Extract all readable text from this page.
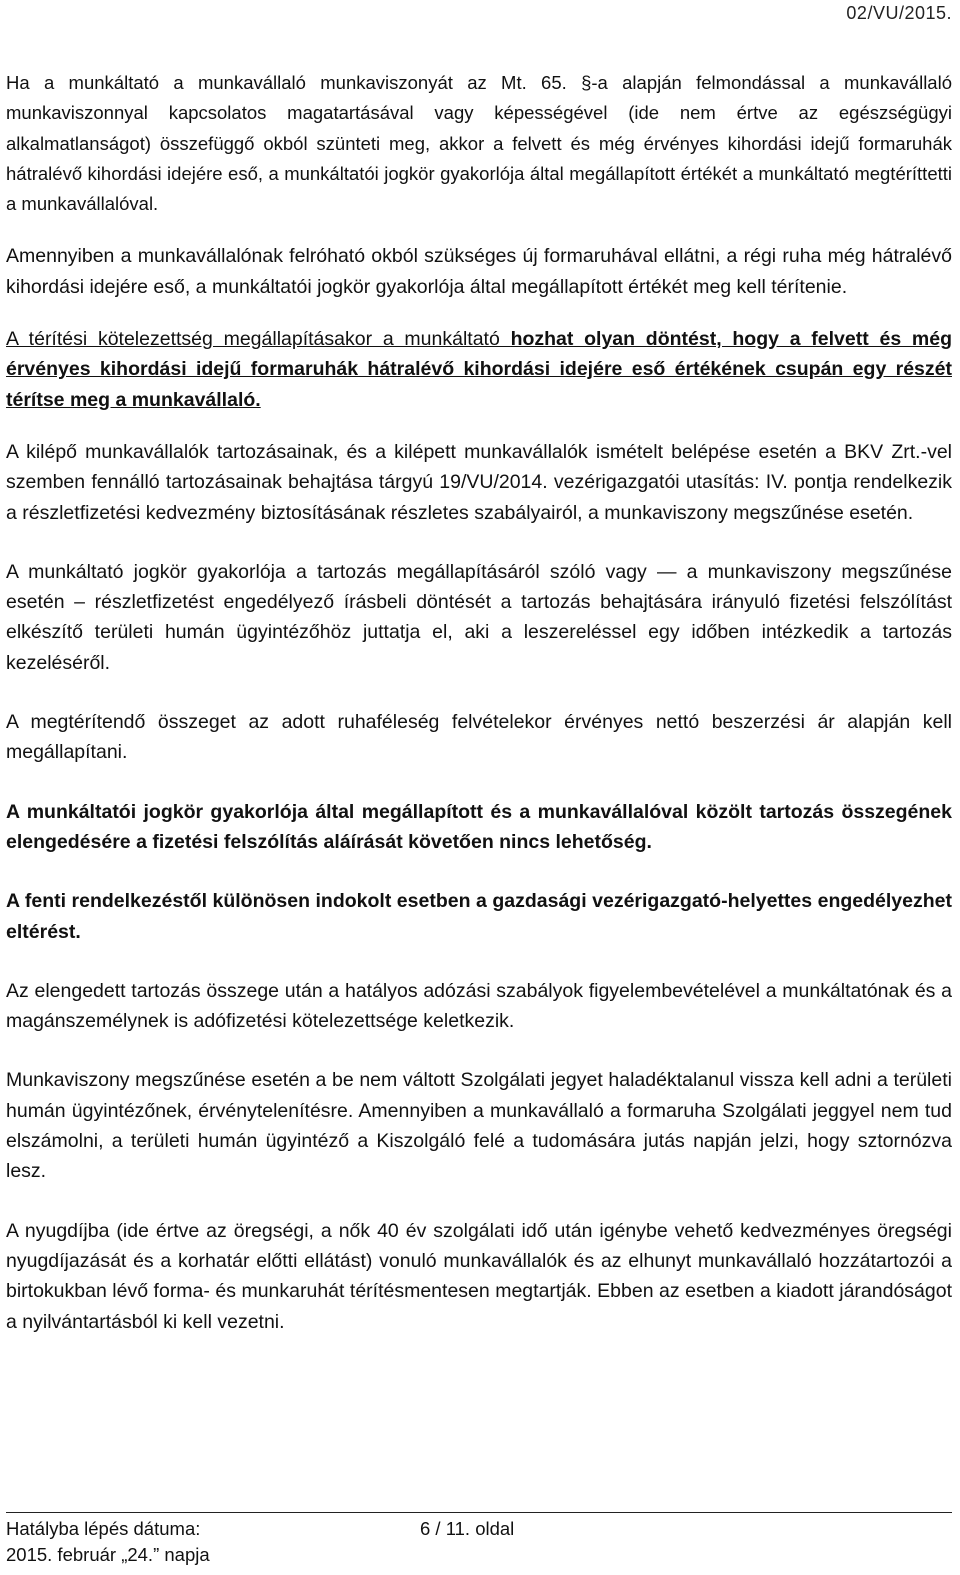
02/VU/2015.

Ha a munkáltató a munkavállaló munkaviszonyát az Mt. 65. §-a alapján felmondással a munkavállaló munkaviszonnyal kapcsolatos magatartásával vagy képességével (ide nem értve az egészségügyi alkalmatlanságot) összefüggő okból szünteti meg, akkor a felvett és még érvényes kihordási idejű formaruhák hátralévő kihordási idejére eső, a munkáltatói jogkör gyakorlója által megállapított értékét a munkáltató megtéríttetti a munkavállalóval.

Amennyiben a munkavállalónak felróható okból szükséges új formaruhával ellátni, a régi ruha még hátralévő kihordási idejére eső, a munkáltatói jogkör gyakorlója által megállapított értékét meg kell térítenie.

A térítési kötelezettség megállapításakor a munkáltató hozhat olyan döntést, hogy a felvett és még érvényes kihordási idejű formaruhák hátralévő kihordási idejére eső értékének csupán egy részét térítse meg a munkavállaló.

A kilépő munkavállalók tartozásainak, és a kilépett munkavállalók ismételt belépése esetén a BKV Zrt.-vel szemben fennálló tartozásainak behajtása tárgyú 19/VU/2014. vezérigazgatói utasítás: IV. pontja rendelkezik a részletfizetési kedvezmény biztosításának részletes szabályairól, a munkaviszony megszűnése esetén.

A munkáltató jogkör gyakorlója a tartozás megállapításáról szóló vagy — a munkaviszony megszűnése esetén – részletfizetést engedélyező írásbeli döntését a tartozás behajtására irányuló fizetési felszólítást elkészítő területi humán ügyintézőhöz juttatja el, aki a leszereléssel egy időben intézkedik a tartozás kezeléséről.

A megtérítendő összeget az adott ruhaféleség felvételekor érvényes nettó beszerzési ár alapján kell megállapítani.

A munkáltatói jogkör gyakorlója által megállapított és a munkavállalóval közölt tartozás összegének elengedésére a fizetési felszólítás aláírását követően nincs lehetőség.

A fenti rendelkezéstől különösen indokolt esetben a gazdasági vezérigazgató-helyettes engedélyezhet eltérést.

Az elengedett tartozás összege után a hatályos adózási szabályok figyelembevételével a munkáltatónak és a magánszemélynek is adófizetési kötelezettsége keletkezik.

Munkaviszony megszűnése esetén a be nem váltott Szolgálati jegyet haladéktalanul vissza kell adni a területi humán ügyintézőnek, érvénytelenítésre. Amennyiben a munkavállaló a formaruha Szolgálati jeggyel nem tud elszámolni, a területi humán ügyintéző a Kiszolgáló felé a tudomására jutás napján jelzi, hogy sztornózva lesz.

A nyugdíjba (ide értve az öregségi, a nők 40 év szolgálati idő után igénybe vehető kedvezményes öregségi nyugdíjazását és a korhatár előtti ellátást) vonuló munkavállalók és az elhunyt munkavállaló hozzátartozói a birtokukban lévő forma- és munkaruhát térítésmentesen megtartják. Ebben az esetben a kiadott járandóságot a nyilvántartásból ki kell vezetni.

Hatályba lépés dátuma:
2015. február „24.” napja
6 / 11. oldal
